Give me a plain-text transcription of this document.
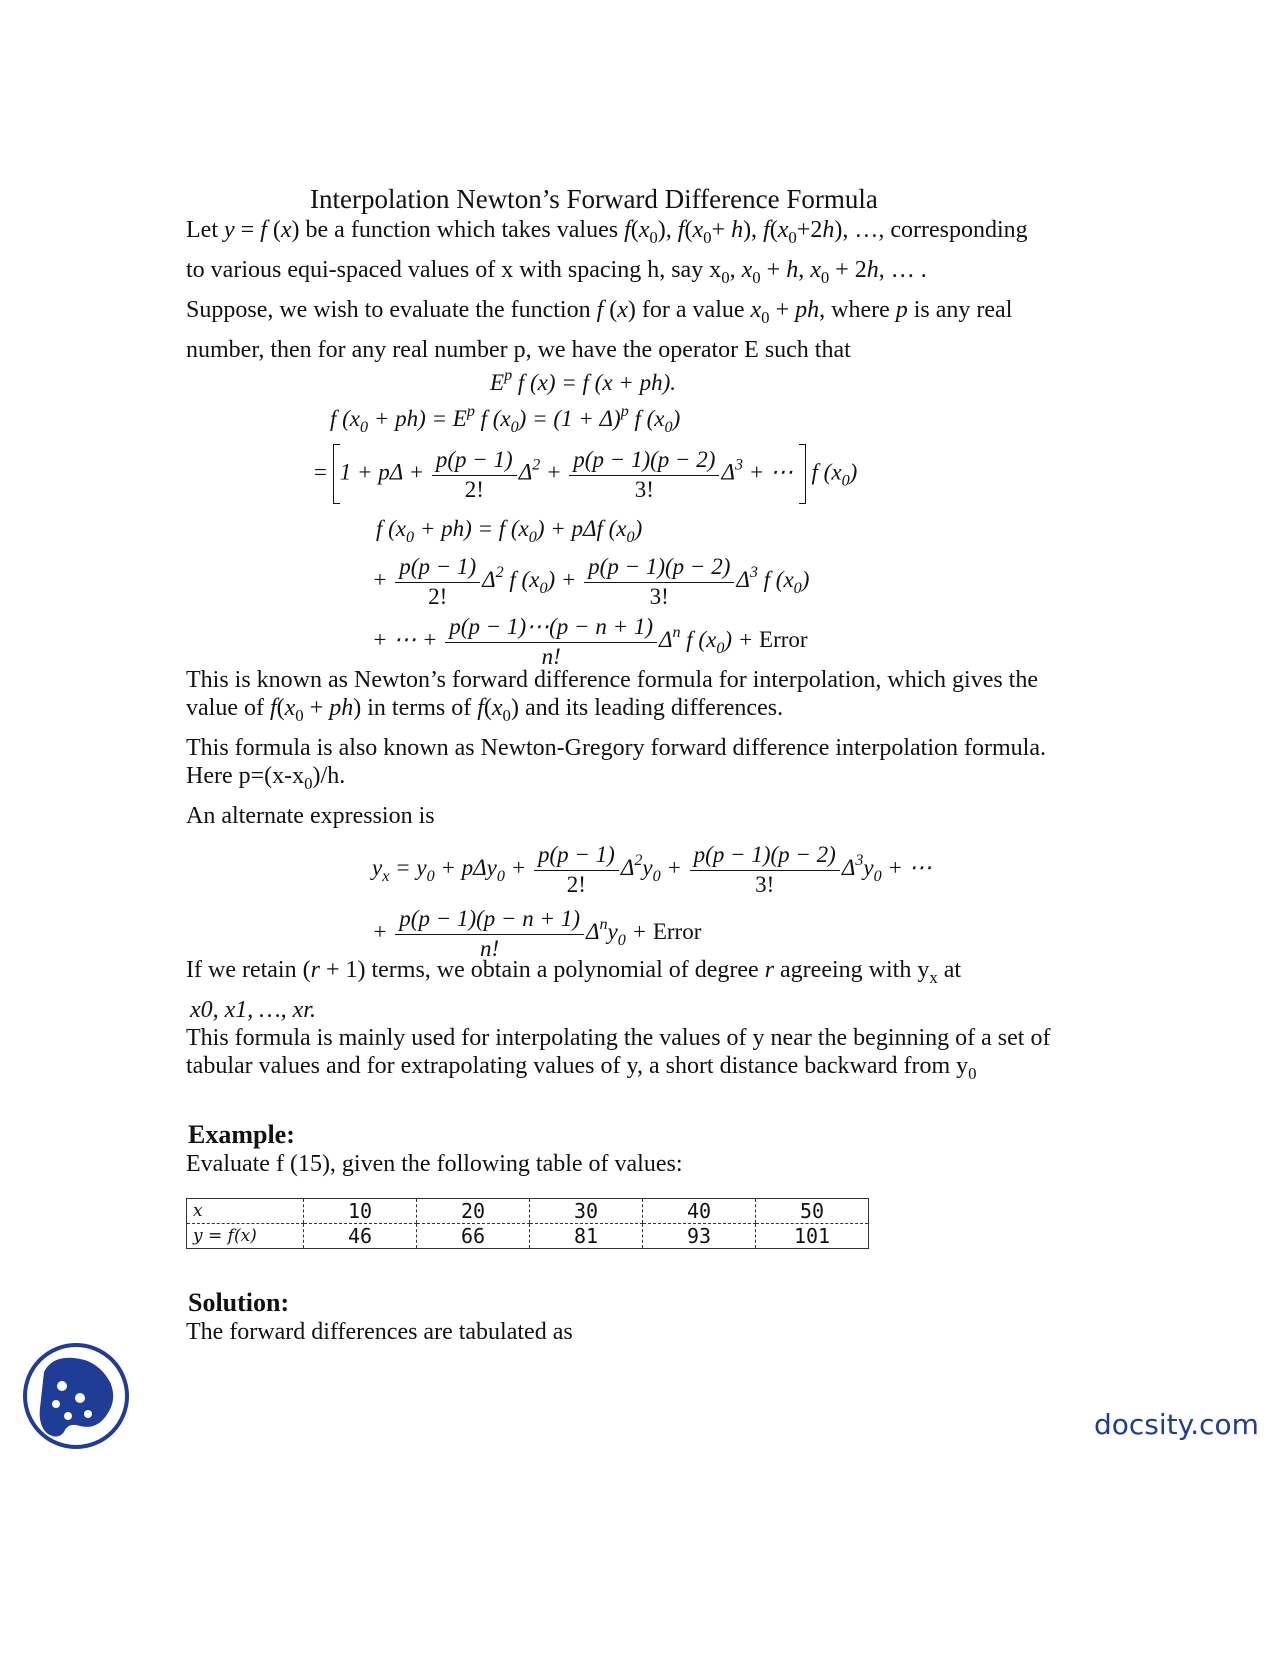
Interpolation Newton’s Forward Difference Formula
Let y = f (x) be a function which takes values $f(x_0)$, $f(x_0+ h)$, $f(x_0+2h)$, …, corresponding
to various equi-spaced values of x with spacing h, say $x_0$, $x_0 + h$, $x_0 + 2h$, … .
Suppose, we wish to evaluate the function f (x) for a value $x_0$ + ph, where p is any real
number, then for any real number p, we have the operator E such that
$E^p$ f (x) = f (x + ph).
f $(x_0 + ph) = E^p$ f $(x_0) = (1 + \Delta)^p$ f $(x_0)$
= $1 + p\Delta + \frac{p(p - 1)}{2!} \Delta^2 + \frac{p(p - 1)(p - 2)}{3!} \Delta^3$ + ⋯  f $(x_0)$
f $(x_0 + ph) = f$ $(x_0) + p\Delta f$ $(x_0)$
+ $\frac{p(p - 1)}{2!} \Delta^2$ f $(x_0) + \frac{p(p - 1)(p - 2)}{3!} \Delta^3$ f $(x_0)$
+ ⋯ + $\frac{p(p - 1)\cdots(p - n + 1)}{n!} \Delta^n$ f $(x_0)$ + Error
This is known as Newton’s forward difference formula for interpolation, which gives the
value of $f(x_0 + ph)$ in terms of $f(x_0)$ and its leading differences.
This formula is also known as Newton-Gregory forward difference interpolation formula.
Here $p=(x-x_0)/h$.
An alternate expression is
$y_x = y_0 + p\Delta y_0 + \frac{p(p - 1)}{2!} \Delta^2y_0 + \frac{p(p - 1)(p - 2)}{3!} \Delta^3y_0$ + ⋯
+ $\frac{p(p - 1)(p - n + 1)}{n!} \Delta^ny_0$ + Error
If we retain (r + 1) terms, we obtain a polynomial of degree r agreeing with $y_x$ at
x0, x1, …, xr.
This formula is mainly used for interpolating the values of y near the beginning of a set of
tabular values and for extrapolating values of y, a short distance backward from $y_0$
Example:
Evaluate f (15), given the following table of values:
x	10	20	30	40	50
y = f(x)	46	66	81	93	101
Solution:
The forward differences are tabulated as
docsity.com
